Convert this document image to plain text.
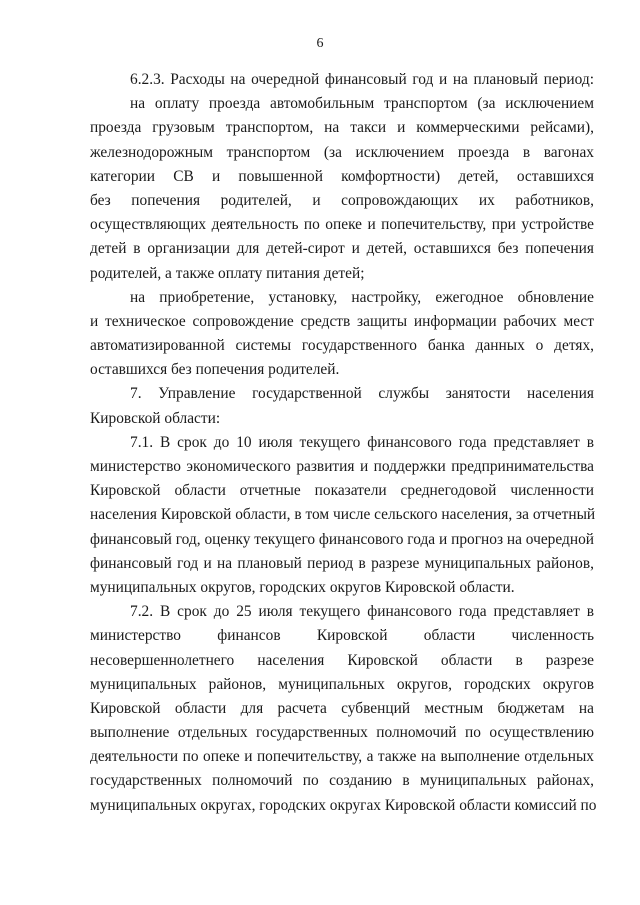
6
6.2.3. Расходы на очередной финансовый год и на плановый период:
на оплату проезда автомобильным транспортом (за исключением
проезда грузовым транспортом, на такси и коммерческими рейсами),
железнодорожным транспортом (за исключением проезда в вагонах
категории СВ и повышенной комфортности) детей, оставшихся
без попечения родителей, и сопровождающих их работников,
осуществляющих деятельность по опеке и попечительству, при устройстве
детей в организации для детей-сирот и детей, оставшихся без попечения
родителей, а также оплату питания детей;
на приобретение, установку, настройку, ежегодное обновление
и техническое сопровождение средств защиты информации рабочих мест
автоматизированной системы государственного банка данных о детях,
оставшихся без попечения родителей.
7. Управление государственной службы занятости населения
Кировской области:
7.1. В срок до 10 июля текущего финансового года представляет в
министерство экономического развития и поддержки предпринимательства
Кировской области отчетные показатели среднегодовой численности
населения Кировской области, в том числе сельского населения, за отчетный
финансовый год, оценку текущего финансового года и прогноз на очередной
финансовый год и на плановый период в разрезе муниципальных районов,
муниципальных округов, городских округов Кировской области.
7.2. В срок до 25 июля текущего финансового года представляет в
министерство финансов Кировской области численность
несовершеннолетнего населения Кировской области в разрезе
муниципальных районов, муниципальных округов, городских округов
Кировской области для расчета субвенций местным бюджетам на
выполнение отдельных государственных полномочий по осуществлению
деятельности по опеке и попечительству, а также на выполнение отдельных
государственных полномочий по созданию в муниципальных районах,
муниципальных округах, городских округах Кировской области комиссий по
